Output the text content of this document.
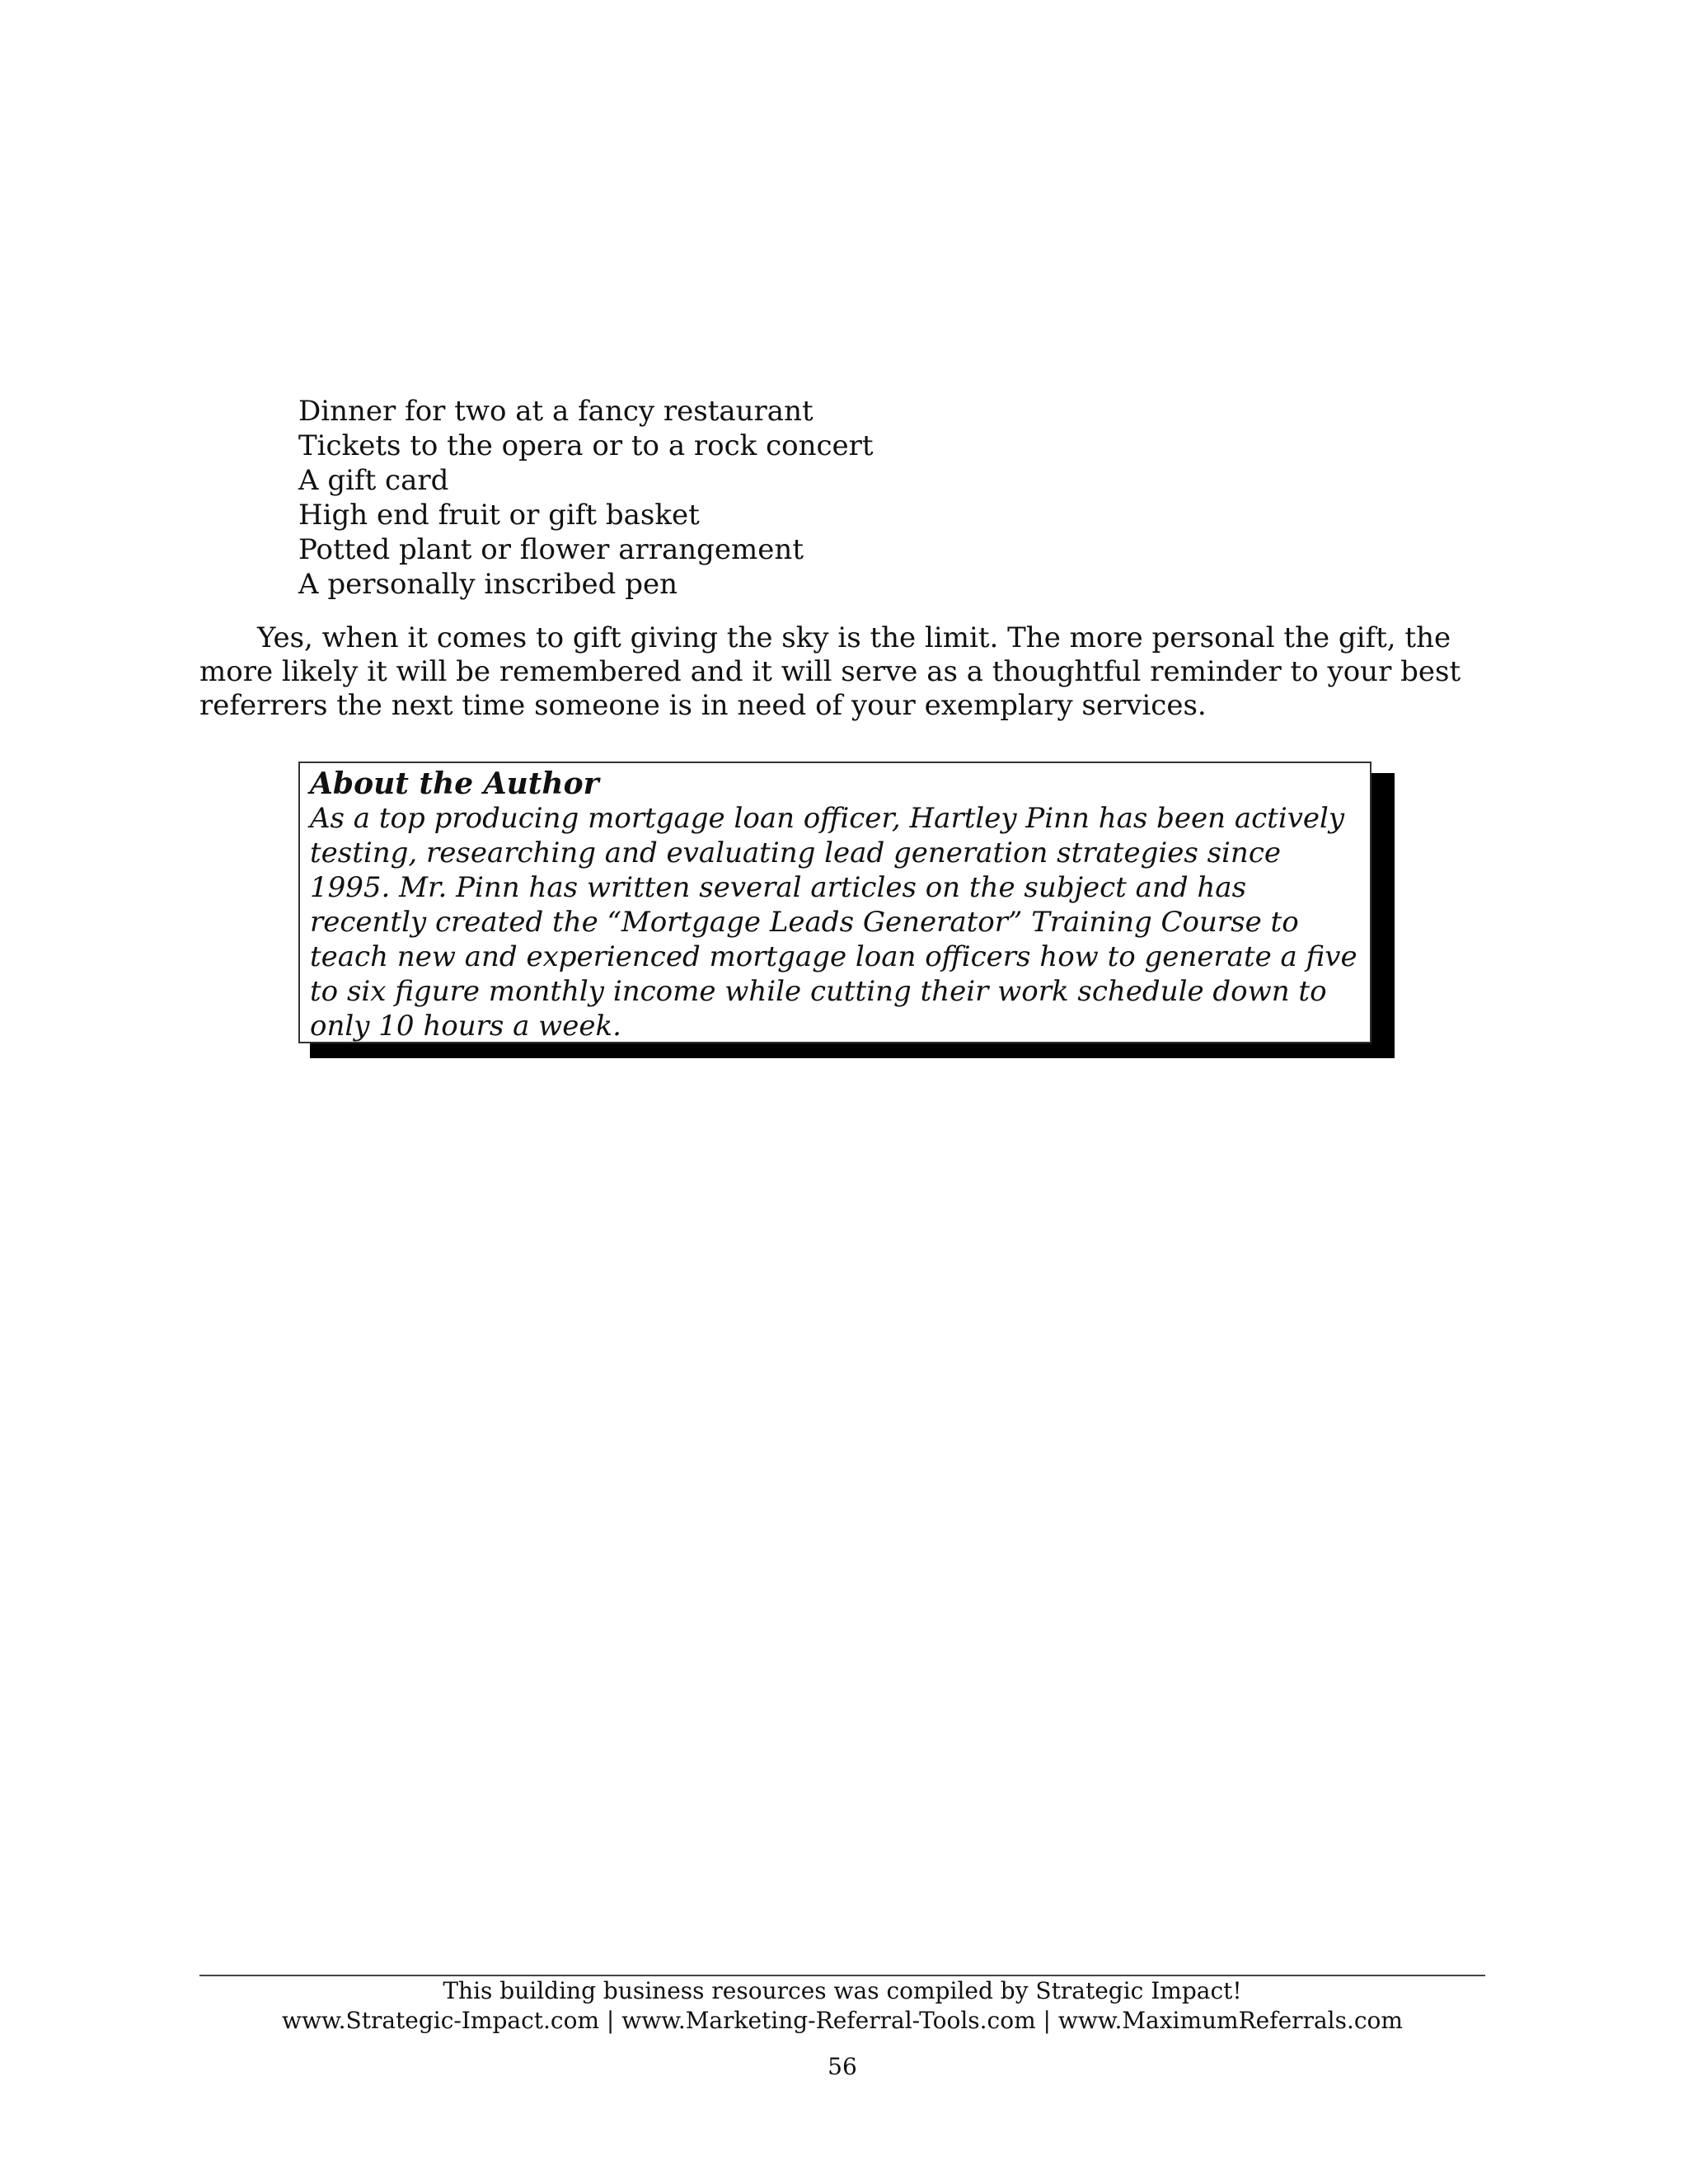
Dinner for two at a fancy restaurant
Tickets to the opera or to a rock concert
A gift card
High end fruit or gift basket
Potted plant or flower arrangement
A personally inscribed pen

Yes, when it comes to gift giving the sky is the limit. The more personal the gift, the more likely it will be remembered and it will serve as a thoughtful reminder to your best referrers the next time someone is in need of your exemplary services.

About the Author

As a top producing mortgage loan officer, Hartley Pinn has been actively testing, researching and evaluating lead generation strategies since 1995. Mr. Pinn has written several articles on the subject and has recently created the “Mortgage Leads Generator” Training Course to teach new and experienced mortgage loan officers how to generate a five to six figure monthly income while cutting their work schedule down to only 10 hours a week.

This building business resources was compiled by Strategic Impact!
www.Strategic-Impact.com | www.Marketing-Referral-Tools.com | www.MaximumReferrals.com
56
